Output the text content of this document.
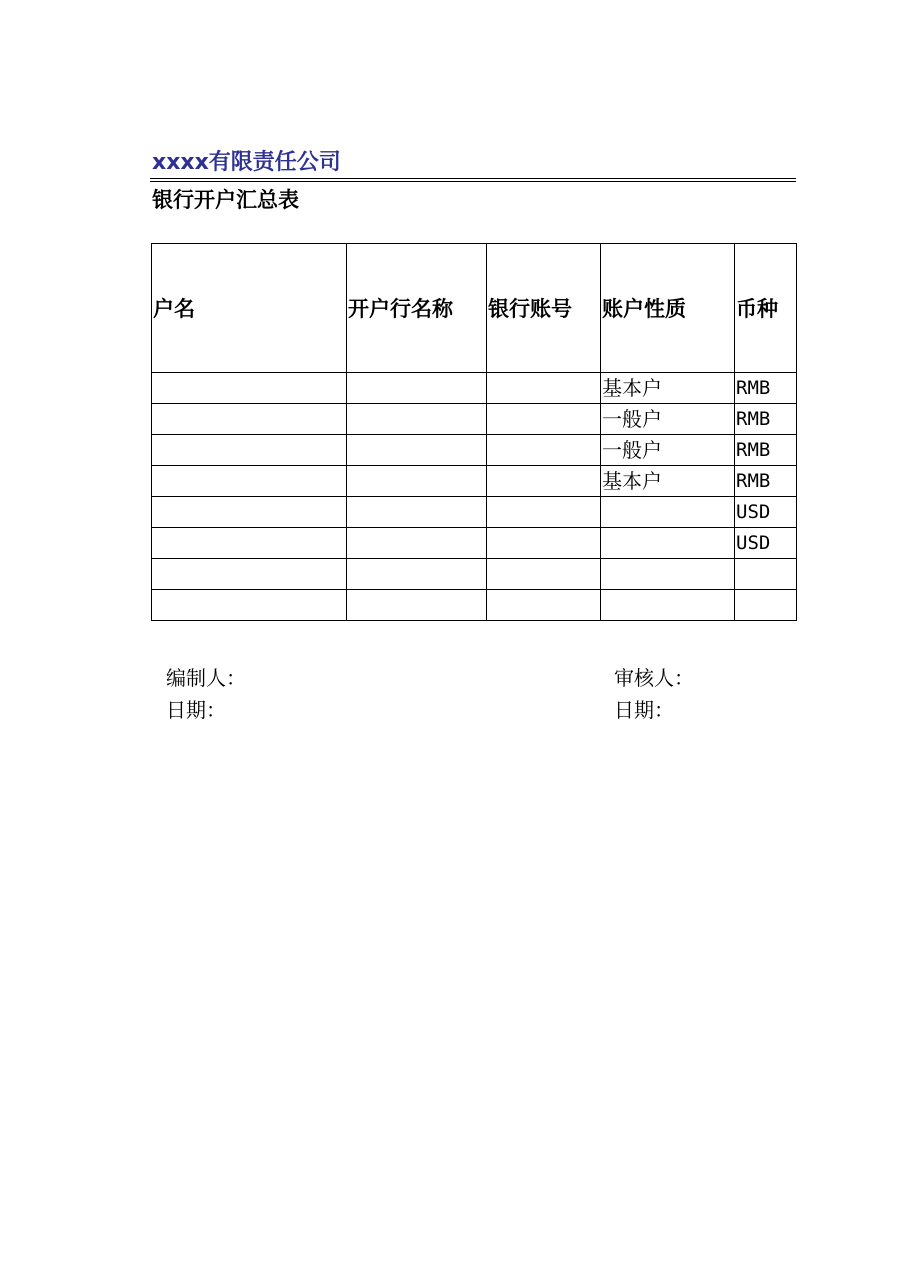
xxxx有限责任公司
银行开户汇总表
户名	开户行名称	银行账号	账户性质	币种
			基本户	RMB
			一般户	RMB
			一般户	RMB
			基本户	RMB
				USD
				USD

编制人：
日期：
审核人：
日期：
